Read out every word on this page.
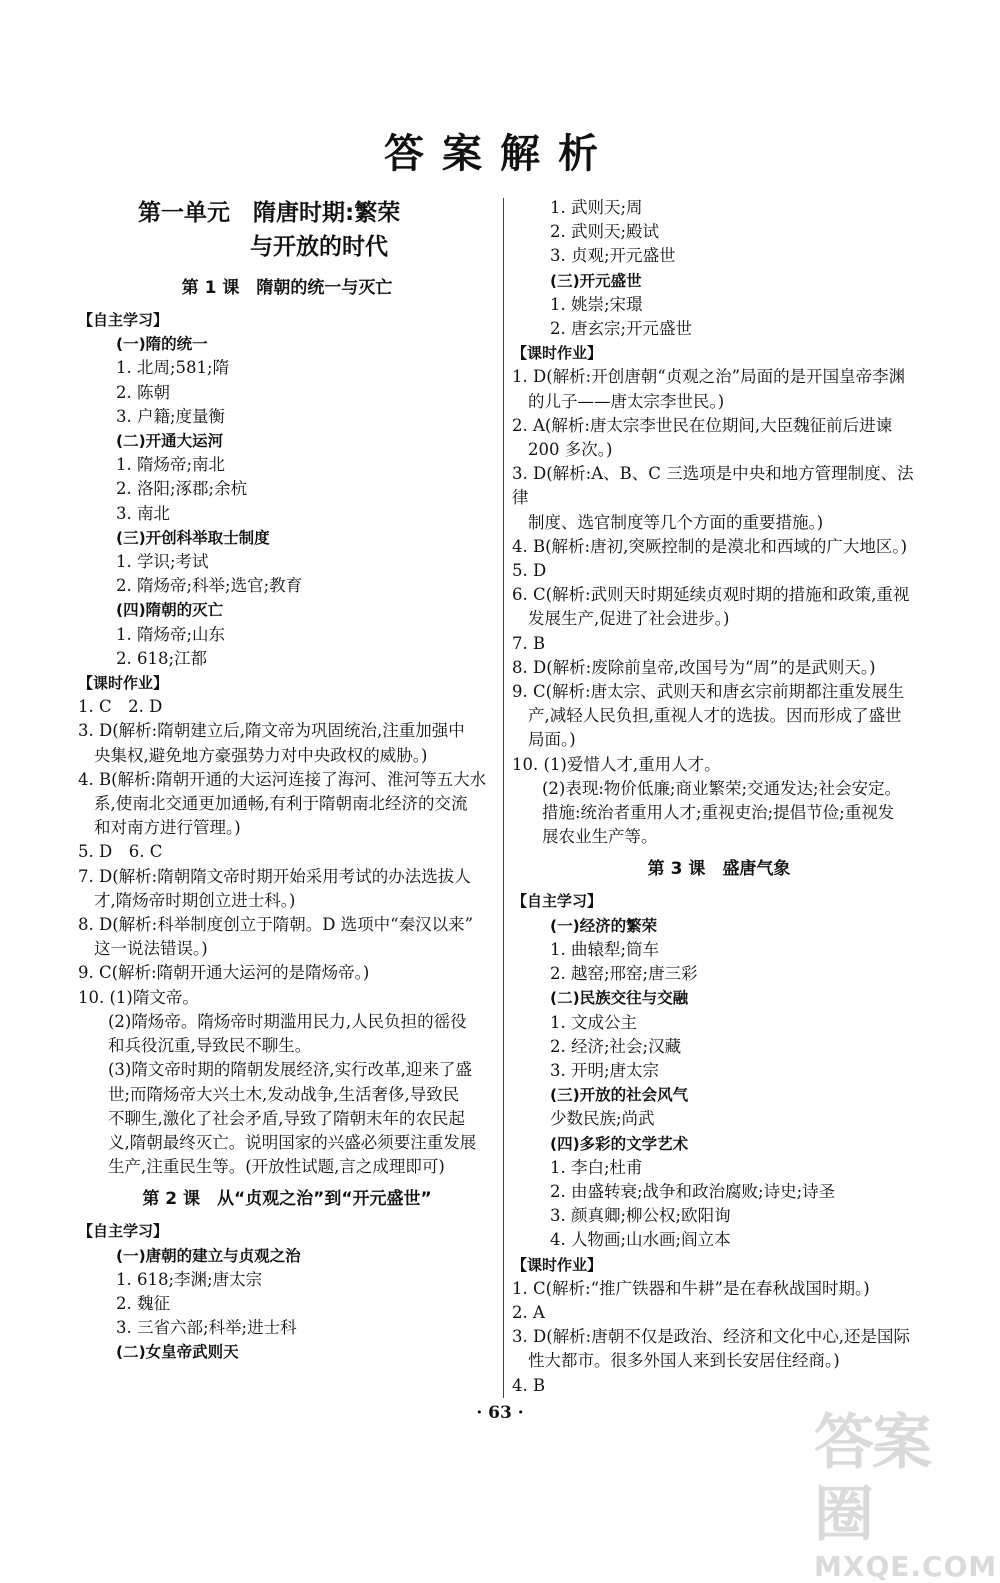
答案解析
第一单元　隋唐时期:繁荣
与开放的时代
第 1 课　隋朝的统一与灭亡
【自主学习】
(一)隋的统一
1. 北周;581;隋
2. 陈朝
3. 户籍;度量衡
(二)开通大运河
1. 隋炀帝;南北
2. 洛阳;涿郡;余杭
3. 南北
(三)开创科举取士制度
1. 学识;考试
2. 隋炀帝;科举;选官;教育
(四)隋朝的灭亡
1. 隋炀帝;山东
2. 618;江都
【课时作业】
1. C　2. D
3. D(解析:隋朝建立后,隋文帝为巩固统治,注重加强中
央集权,避免地方豪强势力对中央政权的威胁。)
4. B(解析:隋朝开通的大运河连接了海河、淮河等五大水
系,使南北交通更加通畅,有利于隋朝南北经济的交流
和对南方进行管理。)
5. D　6. C
7. D(解析:隋朝隋文帝时期开始采用考试的办法选拔人
才,隋炀帝时期创立进士科。)
8. D(解析:科举制度创立于隋朝。D 选项中“秦汉以来”
这一说法错误。)
9. C(解析:隋朝开通大运河的是隋炀帝。)
10. (1)隋文帝。
(2)隋炀帝。隋炀帝时期滥用民力,人民负担的徭役
和兵役沉重,导致民不聊生。
(3)隋文帝时期的隋朝发展经济,实行改革,迎来了盛
世;而隋炀帝大兴土木,发动战争,生活奢侈,导致民
不聊生,激化了社会矛盾,导致了隋朝末年的农民起
义,隋朝最终灭亡。说明国家的兴盛必须要注重发展
生产,注重民生等。(开放性试题,言之成理即可)
第 2 课　从“贞观之治”到“开元盛世”
【自主学习】
(一)唐朝的建立与贞观之治
1. 618;李渊;唐太宗
2. 魏征
3. 三省六部;科举;进士科
(二)女皇帝武则天
1. 武则天;周
2. 武则天;殿试
3. 贞观;开元盛世
(三)开元盛世
1. 姚崇;宋璟
2. 唐玄宗;开元盛世
【课时作业】
1. D(解析:开创唐朝“贞观之治”局面的是开国皇帝李渊
的儿子——唐太宗李世民。)
2. A(解析:唐太宗李世民在位期间,大臣魏征前后进谏
200 多次。)
3. D(解析:A、B、C 三选项是中央和地方管理制度、法律
制度、选官制度等几个方面的重要措施。)
4. B(解析:唐初,突厥控制的是漠北和西域的广大地区。)
5. D
6. C(解析:武则天时期延续贞观时期的措施和政策,重视
发展生产,促进了社会进步。)
7. B
8. D(解析:废除前皇帝,改国号为“周”的是武则天。)
9. C(解析:唐太宗、武则天和唐玄宗前期都注重发展生
产,减轻人民负担,重视人才的选拔。因而形成了盛世
局面。)
10. (1)爱惜人才,重用人才。
(2)表现:物价低廉;商业繁荣;交通发达;社会安定。
措施:统治者重用人才;重视吏治;提倡节俭;重视发
展农业生产等。
第 3 课　盛唐气象
【自主学习】
(一)经济的繁荣
1. 曲辕犁;筒车
2. 越窑;邢窑;唐三彩
(二)民族交往与交融
1. 文成公主
2. 经济;社会;汉藏
3. 开明;唐太宗
(三)开放的社会风气
少数民族;尚武
(四)多彩的文学艺术
1. 李白;杜甫
2. 由盛转衰;战争和政治腐败;诗史;诗圣
3. 颜真卿;柳公权;欧阳询
4. 人物画;山水画;阎立本
【课时作业】
1. C(解析:“推广铁器和牛耕”是在春秋战国时期。)
2. A
3. D(解析:唐朝不仅是政治、经济和文化中心,还是国际
性大都市。很多外国人来到长安居住经商。)
4. B
· 63 ·	答案圈
MXQE.COM
